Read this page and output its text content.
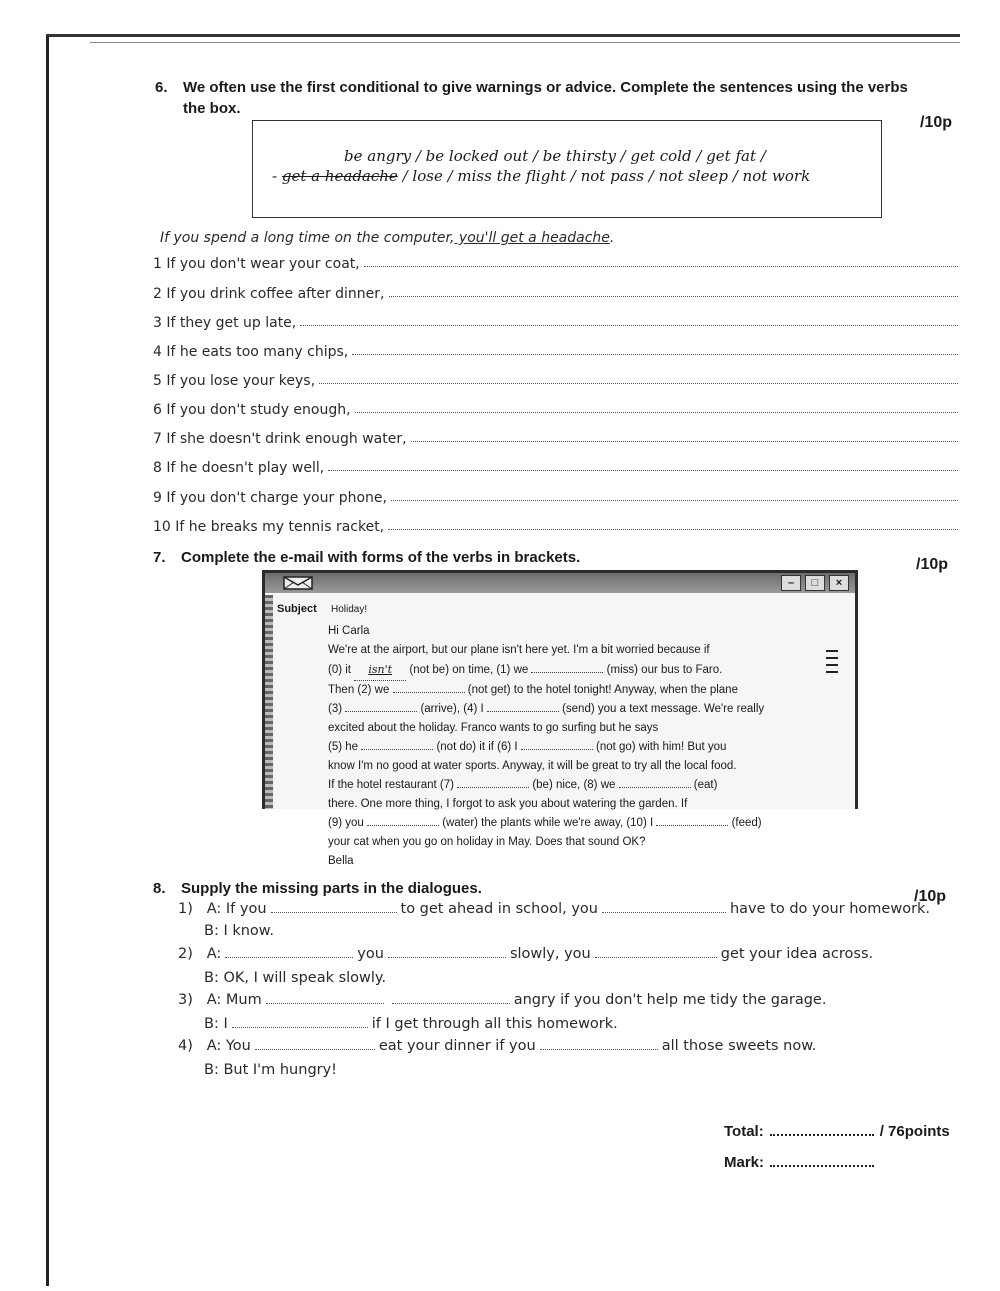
6. We often use the first conditional to give warnings or advice. Complete the sentences using the verbs
the box.
/10p
be angry / be locked out / be thirsty / get cold / get fat /
- get a headache / lose / miss the flight / not pass / not sleep / not work
If you spend a long time on the computer, you'll get a headache.
1 If you don't wear your coat,
2 If you drink coffee after dinner,
3 If they get up late,
4 If he eats too many chips,
5 If you lose your keys,
6 If you don't study enough,
7 If she doesn't drink enough water,
8 If he doesn't play well,
9 If you don't charge your phone,
10 If he breaks my tennis racket,
7. Complete the e-mail with forms of the verbs in brackets.	/10p
–	□	×
Subject Holiday!
Hi Carla
We're at the airport, but our plane isn't here yet. I'm a bit worried because if
(0) it isn't (not be) on time, (1) we	(miss) our bus to Faro.
Then (2) we	(not get) to the hotel tonight! Anyway, when the plane
(3)	(arrive), (4) I	(send) you a text message. We're really
excited about the holiday. Franco wants to go surfing but he says
(5) he	(not do) it if (6) I	(not go) with him! But you
know I'm no good at water sports. Anyway, it will be great to try all the local food.
If the hotel restaurant (7)	(be) nice, (8) we	(eat)
there. One more thing, I forgot to ask you about watering the garden. If
(9) you	(water) the plants while we're away, (10) I	(feed)
your cat when you go on holiday in May. Does that sound OK?
Bella
8. Supply the missing parts in the dialogues.	/10p
1) A: If you	to get ahead in school, you	have to do your homework.
B: I know.
2) A:	you	slowly, you	get your idea across.
B: OK, I will speak slowly.
3) A: Mum	angry if you don't help me tidy the garage.
B: I	if I get through all this homework.
4) A: You	eat your dinner if you	all those sweets now.
B: But I'm hungry!
Total:	/ 76points
Mark:
